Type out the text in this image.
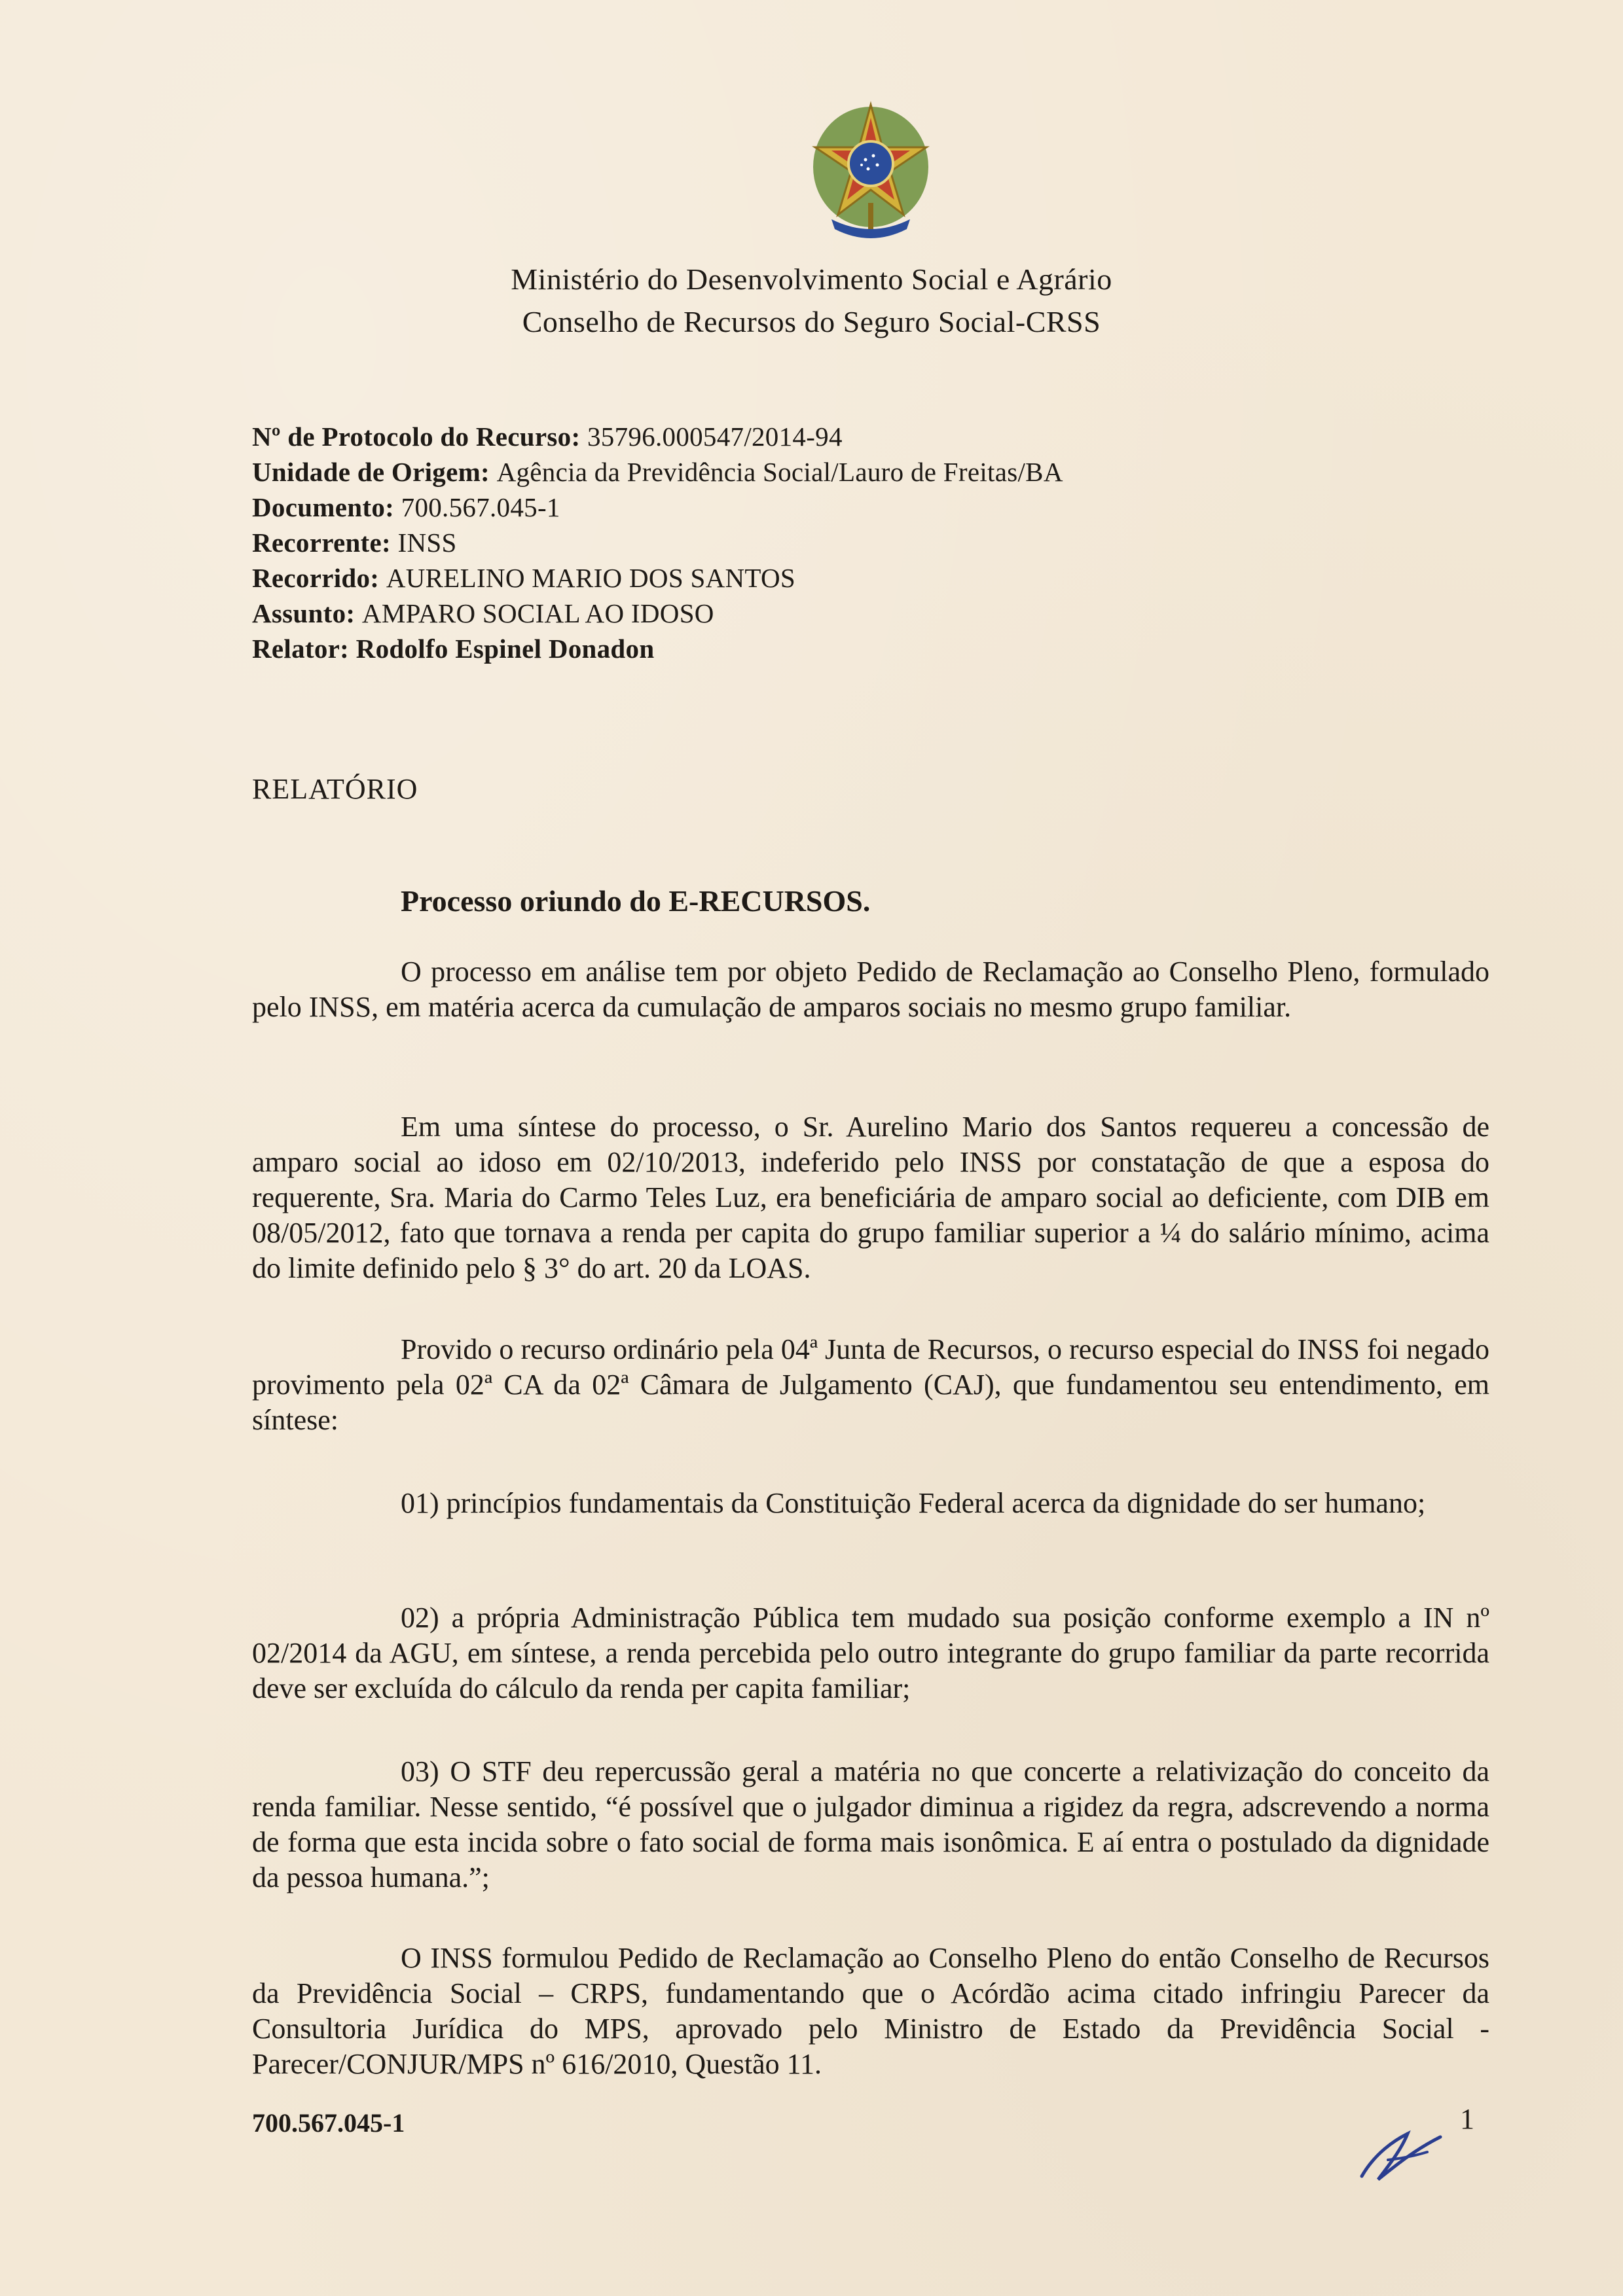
Ministério do Desenvolvimento Social e Agrário
Conselho de Recursos do Seguro Social-CRSS
Nº de Protocolo do Recurso: 35796.000547/2014-94
Unidade de Origem: Agência da Previdência Social/Lauro de Freitas/BA
Documento: 700.567.045-1
Recorrente: INSS
Recorrido: AURELINO MARIO DOS SANTOS
Assunto: AMPARO SOCIAL AO IDOSO
Relator: Rodolfo Espinel Donadon
RELATÓRIO
Processo oriundo do E-RECURSOS.

O processo em análise tem por objeto Pedido de Reclamação ao Conselho Pleno, formulado pelo INSS, em matéria acerca da cumulação de amparos sociais no mesmo grupo familiar.

Em uma síntese do processo, o Sr. Aurelino Mario dos Santos requereu a concessão de amparo social ao idoso em 02/10/2013, indeferido pelo INSS por constatação de que a esposa do requerente, Sra. Maria do Carmo Teles Luz, era beneficiária de amparo social ao deficiente, com DIB em 08/05/2012, fato que tornava a renda per capita do grupo familiar superior a ¼ do salário mínimo, acima do limite definido pelo § 3° do art. 20 da LOAS.

Provido o recurso ordinário pela 04ª Junta de Recursos, o recurso especial do INSS foi negado provimento pela 02ª CA da 02ª Câmara de Julgamento (CAJ), que fundamentou seu entendimento, em síntese:

01) princípios fundamentais da Constituição Federal acerca da dignidade do ser humano;

02) a própria Administração Pública tem mudado sua posição conforme exemplo a IN nº 02/2014 da AGU, em síntese, a renda percebida pelo outro integrante do grupo familiar da parte recorrida deve ser excluída do cálculo da renda per capita familiar;

03) O STF deu repercussão geral a matéria no que concerte a relativização do conceito da renda familiar. Nesse sentido, “é possível que o julgador diminua a rigidez da regra, adscrevendo a norma de forma que esta incida sobre o fato social de forma mais isonômica. E aí entra o postulado da dignidade da pessoa humana.”;

O INSS formulou Pedido de Reclamação ao Conselho Pleno do então Conselho de Recursos da Previdência Social – CRPS, fundamentando que o Acórdão acima citado infringiu Parecer da Consultoria Jurídica do MPS, aprovado pelo Ministro de Estado da Previdência Social - Parecer/CONJUR/MPS nº 616/2010, Questão 11.

700.567.045-1	1
